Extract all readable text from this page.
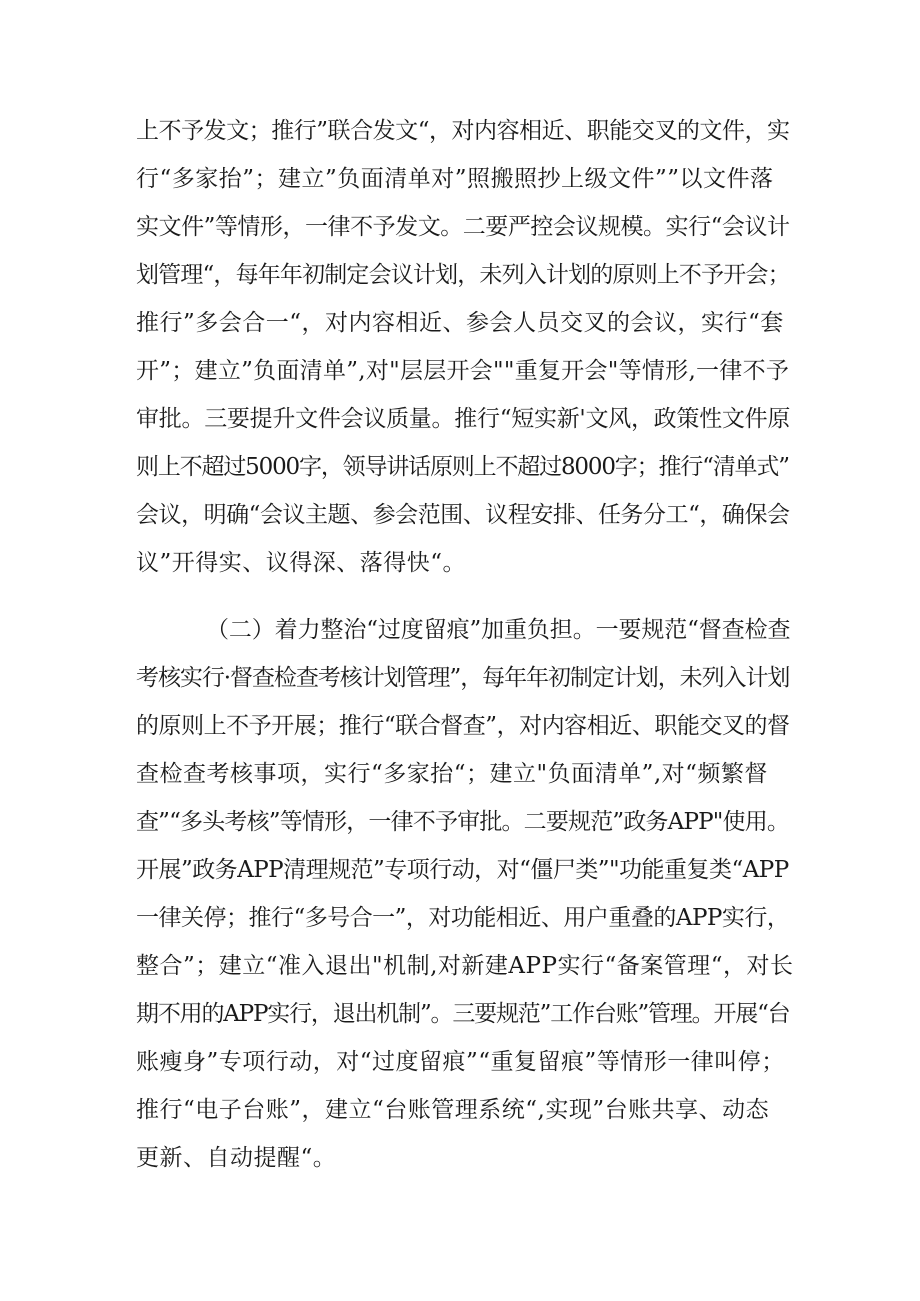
上不予发文；推行”联合发文“，对内容相近、职能交叉的文件，实
行“多家抬”；建立”负面清单对”照搬照抄上级文件””以文件落
实文件”等情形，一律不予发文。二要严控会议规模。实行“会议计
划管理“，每年年初制定会议计划，未列入计划的原则上不予开会；
推行”多会合一“，对内容相近、参会人员交叉的会议，实行“套
开”；建立”负面清单”,对"层层开会""重复开会"等情形,一律不予
审批。三要提升文件会议质量。推行“短实新'文风，政策性文件原
则上不超过5000字，领导讲话原则上不超过8000字；推行“清单式”
会议，明确“会议主题、参会范围、议程安排、任务分工“，确保会
议”开得实、议得深、落得快“。
（二）着力整治“过度留痕”加重负担。一要规范“督查检查
考核实行·督查检查考核计划管理”，每年年初制定计划，未列入计划
的原则上不予开展；推行“联合督查”，对内容相近、职能交叉的督
查检查考核事项，实行“多家抬“；建立"负面清单”,对“频繁督
查”“多头考核”等情形，一律不予审批。二要规范”政务APP"使用。
开展”政务APP清理规范”专项行动，对“僵尸类”"功能重复类“APP
一律关停；推行“多号合一”，对功能相近、用户重叠的APP实行，
整合”；建立“准入退出"机制,对新建APP实行“备案管理“，对长
期不用的APP实行，退出机制”。三要规范”工作台账”管理。开展“台
账瘦身”专项行动，对“过度留痕”“重复留痕”等情形一律叫停；
推行“电子台账”，建立“台账管理系统“,实现”台账共享、动态
更新、自动提醒“。
